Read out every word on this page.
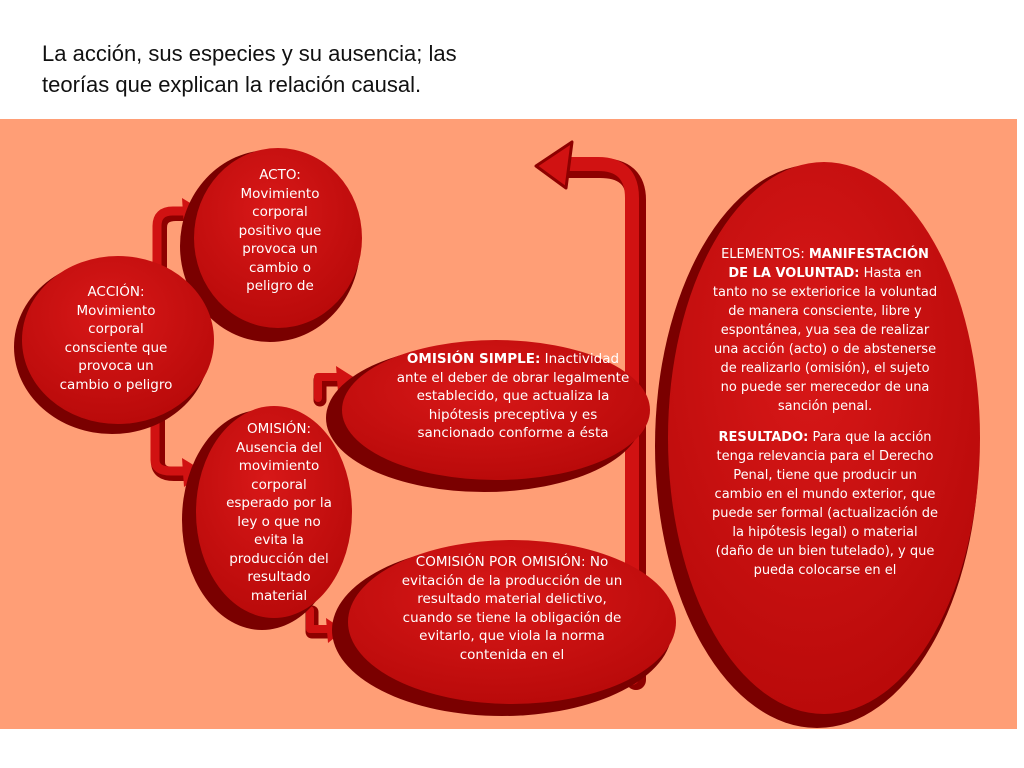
La acción, sus especies y su ausencia; las
teorías que explican la relación causal.
ACCIÓN:
Movimiento corporal consciente que provoca un cambio o peligro
ACTO:
Movimiento corporal positivo que provoca un cambio o peligro de
OMISIÓN:
Ausencia del movimiento corporal esperado por la ley o que no evita la producción del resultado material
OMISIÓN SIMPLE: Inactividad ante el deber de obrar legalmente establecido, que actualiza la hipótesis preceptiva y es sancionado conforme a ésta
COMISIÓN POR OMISIÓN: No evitación de la producción de un resultado material delictivo, cuando se tiene la obligación de evitarlo, que viola la norma contenida en el
ELEMENTOS: MANIFESTACIÓN DE LA VOLUNTAD: Hasta en tanto no se exteriorice la voluntad de manera consciente, libre y espontánea, yua sea de realizar una acción (acto) o de abstenerse de realizarlo (omisión), el sujeto no puede ser merecedor de una sanción penal.
RESULTADO: Para que la acción tenga relevancia para el Derecho Penal, tiene que producir un cambio en el mundo exterior, que puede ser formal (actualización de la hipótesis legal) o material (daño de un bien tutelado), y que pueda colocarse en el
